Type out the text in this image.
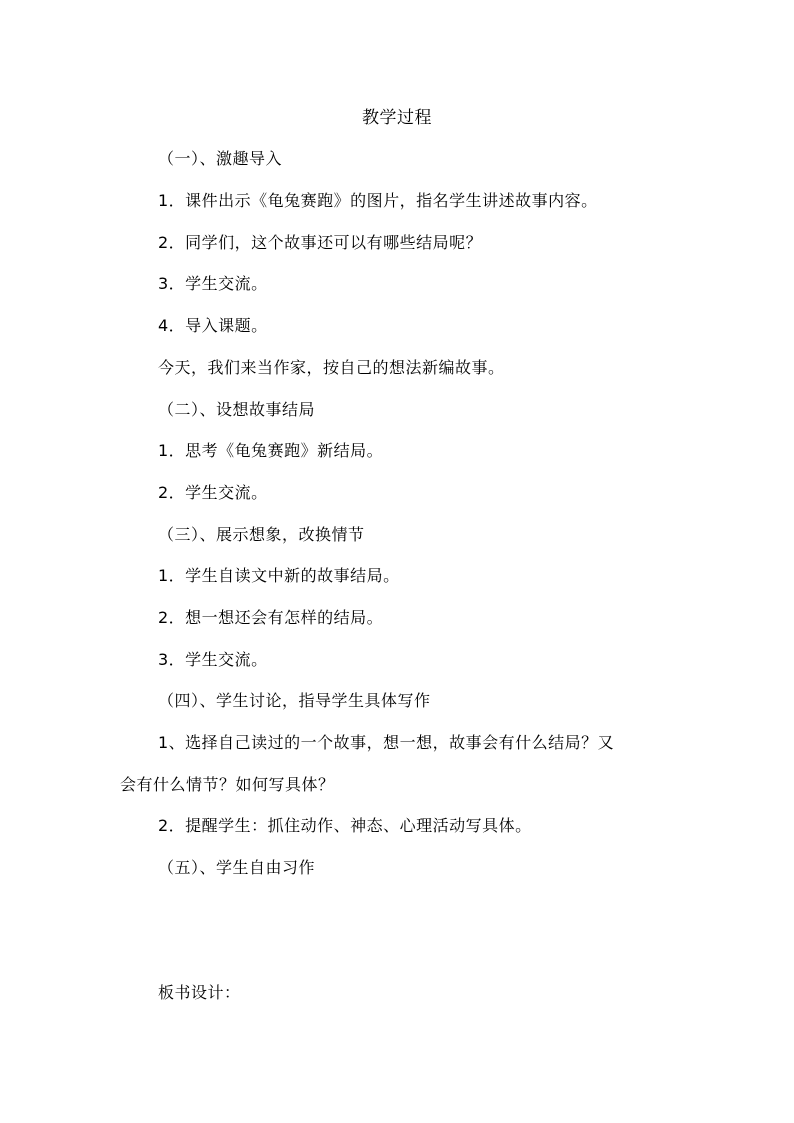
教学过程
（一）、激趣导入
1．课件出示《龟兔赛跑》的图片，指名学生讲述故事内容。
2．同学们，这个故事还可以有哪些结局呢？
3．学生交流。
4．导入课题。
今天，我们来当作家，按自己的想法新编故事。
（二）、设想故事结局
1．思考《龟兔赛跑》新结局。
2．学生交流。
（三）、展示想象，改换情节
1．学生自读文中新的故事结局。
2．想一想还会有怎样的结局。
3．学生交流。
（四）、学生讨论，指导学生具体写作
1、选择自己读过的一个故事，想一想，故事会有什么结局？又
会有什么情节？如何写具体？
2．提醒学生：抓住动作、神态、心理活动写具体。
（五）、学生自由习作
板书设计：
